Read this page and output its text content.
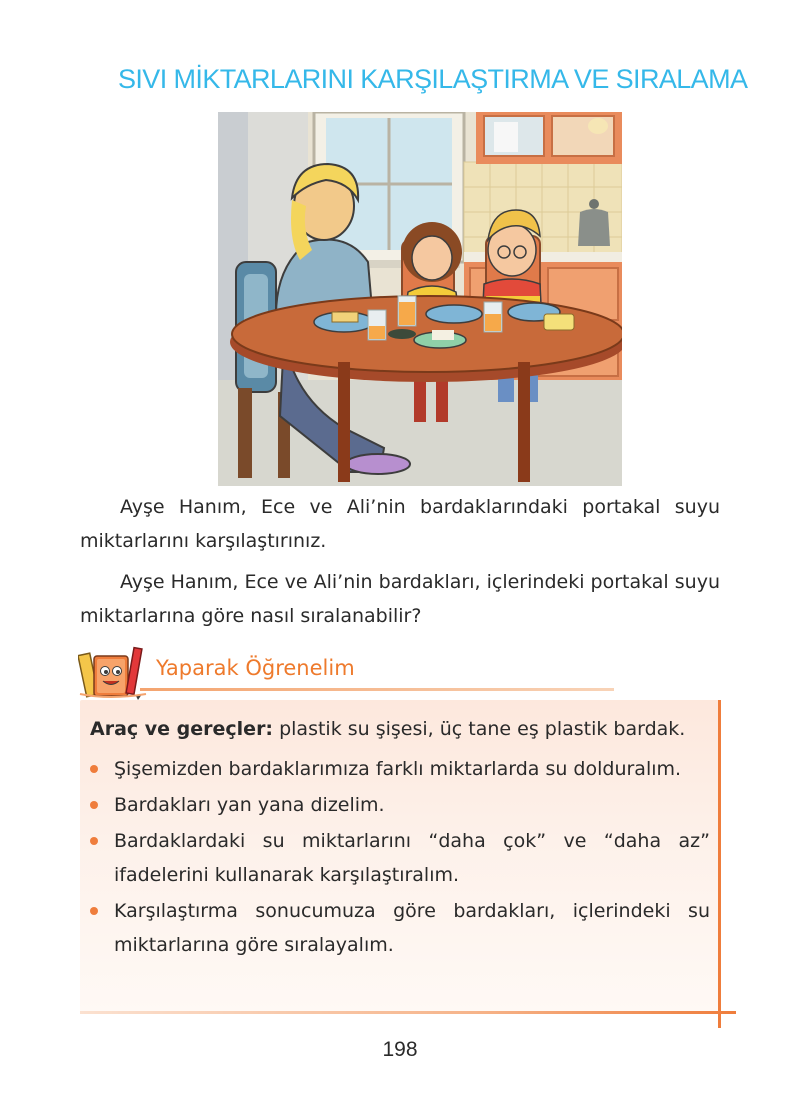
SIVI MİKTARLARINI KARŞILAŞTIRMA VE SIRALAMA

Ayşe Hanım, Ece ve Ali’nin bardaklarındaki portakal suyu miktarlarını karşılaştırınız.

Ayşe Hanım, Ece ve Ali’nin bardakları, içlerindeki portakal suyu miktarlarına göre nasıl sıralanabilir?

Yaparak Öğrenelim

Araç ve gereçler: plastik su şişesi, üç tane eş plastik bardak.

Şişemizden bardaklarımıza farklı miktarlarda su dolduralım.
Bardakları yan yana dizelim.
Bardaklardaki su miktarlarını “daha çok” ve “daha az” ifadelerini kullanarak karşılaştıralım.
Karşılaştırma sonucumuza göre bardakları, içlerindeki su miktarlarına göre sıralayalım.
198
